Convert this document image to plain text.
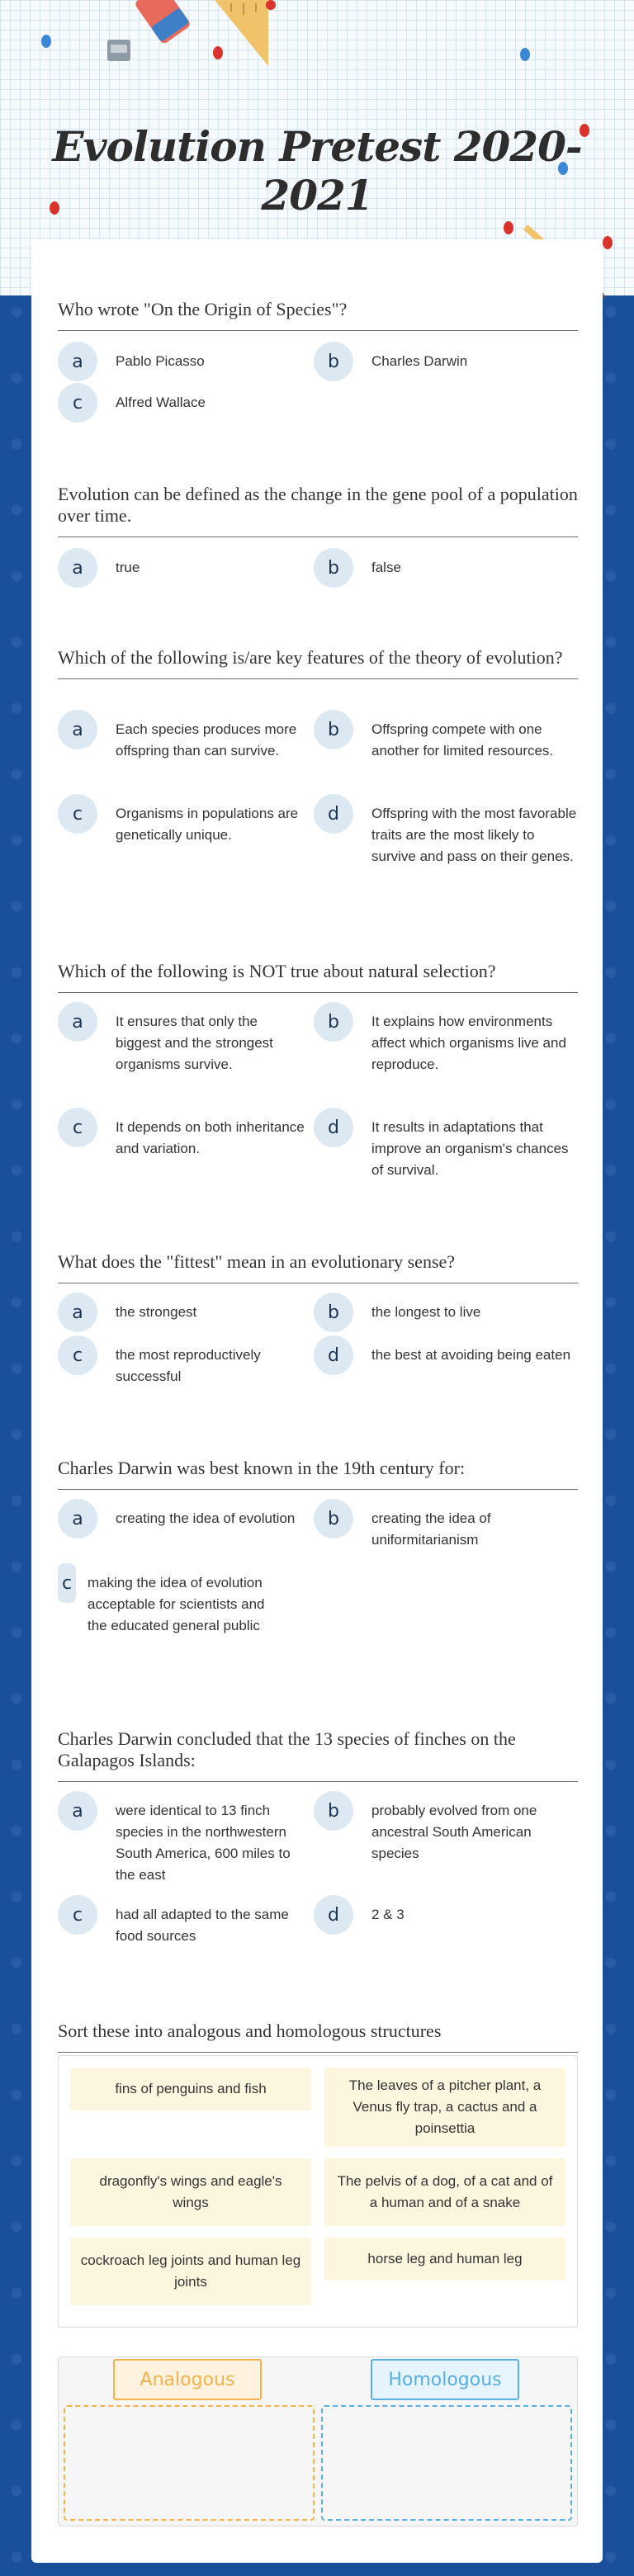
Evolution Pretest 2020-2021
Who wrote "On the Origin of Species"?
a	Pablo Picasso	b	Charles Darwin
c	Alfred Wallace
Evolution can be defined as the change in the gene pool of a population over time.
a	true	b	false
Which of the following is/are key features of the theory of evolution?
a	Each species produces more offspring than can survive.
b	Offspring compete with one another for limited resources.
c	Organisms in populations are genetically unique.
d	Offspring with the most favorable traits are the most likely to survive and pass on their genes.
Which of the following is NOT true about natural selection?
a	It ensures that only the biggest and the strongest organisms survive.
b	It explains how environments affect which organisms live and reproduce.
c	It depends on both inheritance and variation.
d	It results in adaptations that improve an organism's chances of survival.
What does the "fittest" mean in an evolutionary sense?
a	the strongest	b	the longest to live
c	the most reproductively successful
d	the best at avoiding being eaten
Charles Darwin was best known in the 19th century for:
a	creating the idea of evolution	b	creating the idea of uniformitarianism
c making the idea of evolution acceptable for scientists and the educated general public
Charles Darwin concluded that the 13 species of finches on the Galapagos Islands:
a	were identical to 13 finch species in the northwestern South America, 600 miles to the east
b	probably evolved from one ancestral South American species
c	had all adapted to the same food sources
d	2 & 3
Sort these into analogous and homologous structures
fins of penguins and fish	The leaves of a pitcher plant, a Venus fly trap, a cactus and a poinsettia
dragonfly's wings and eagle's wings
The pelvis of a dog, of a cat and of a human and of a snake
cockroach leg joints and human leg joints
horse leg and human leg
Analogous	Homologous
